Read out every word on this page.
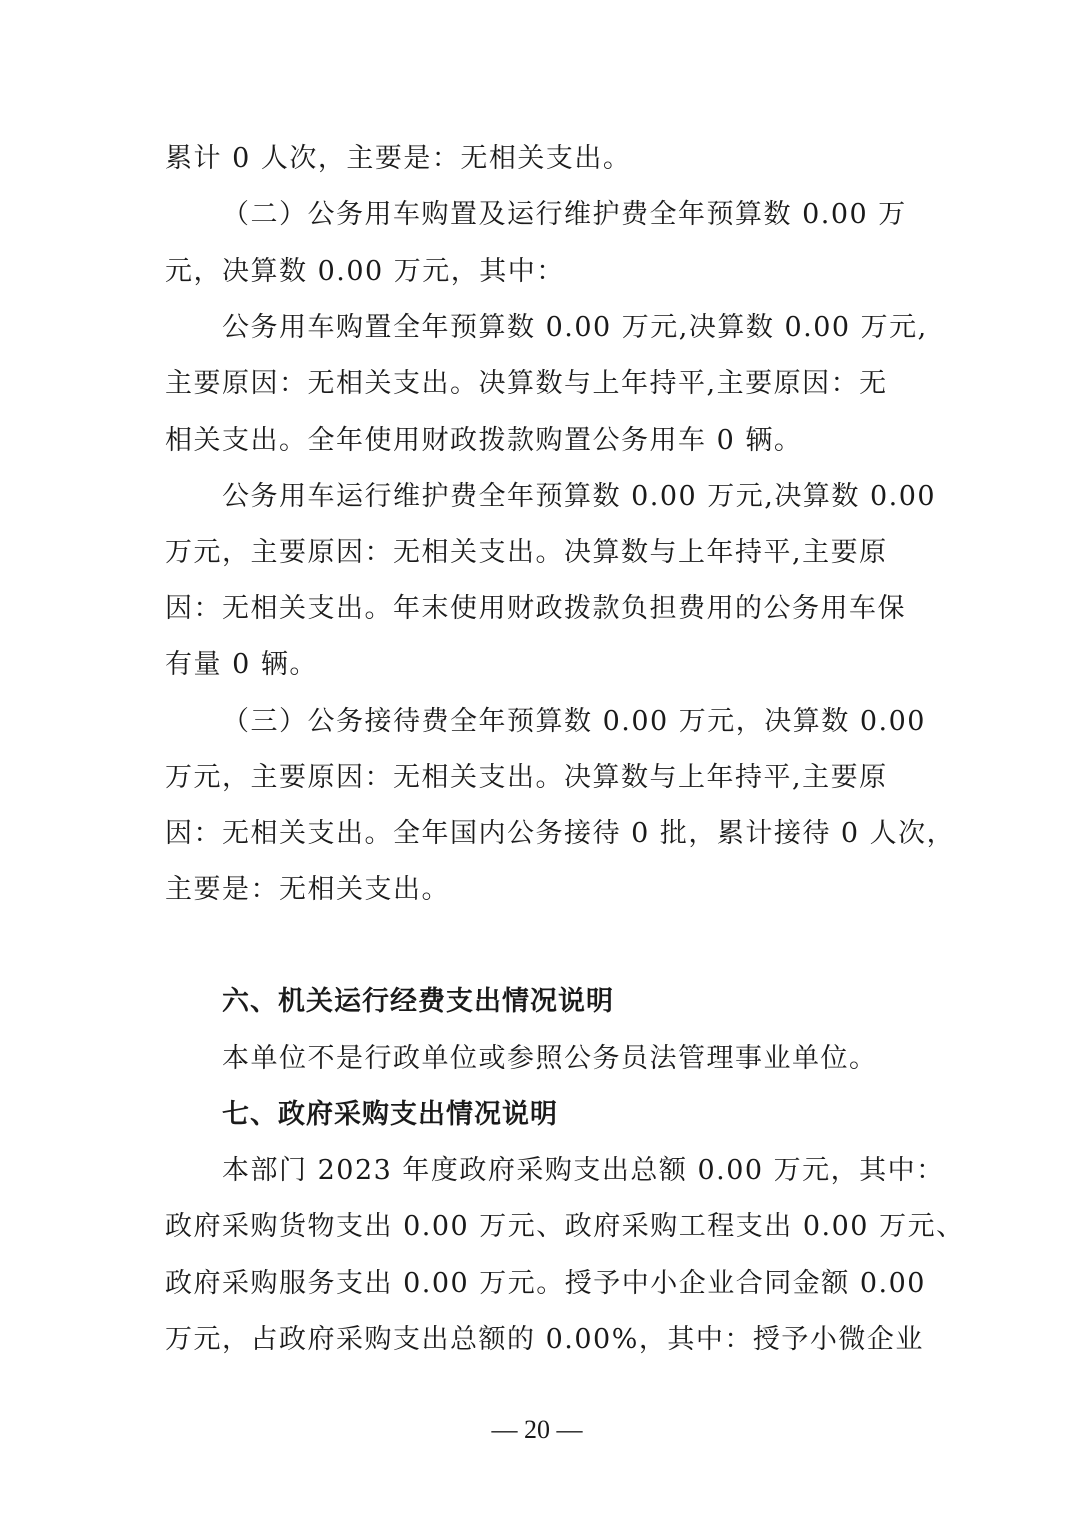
累计 0 人次，主要是：无相关支出。
（二）公务用车购置及运行维护费全年预算数 0.00 万
元，决算数 0.00 万元，其中：
公务用车购置全年预算数 0.00 万元,决算数 0.00 万元,
主要原因：无相关支出。决算数与上年持平,主要原因：无
相关支出。全年使用财政拨款购置公务用车 0 辆。
公务用车运行维护费全年预算数 0.00 万元,决算数 0.00
万元，主要原因：无相关支出。决算数与上年持平,主要原
因：无相关支出。年末使用财政拨款负担费用的公务用车保
有量 0 辆。
（三）公务接待费全年预算数 0.00 万元，决算数 0.00
万元，主要原因：无相关支出。决算数与上年持平,主要原
因：无相关支出。全年国内公务接待 0 批，累计接待 0 人次，
主要是：无相关支出。
六、机关运行经费支出情况说明
本单位不是行政单位或参照公务员法管理事业单位。
七、政府采购支出情况说明
本部门 2023 年度政府采购支出总额 0.00 万元，其中：
政府采购货物支出 0.00 万元、政府采购工程支出 0.00 万元、
政府采购服务支出 0.00 万元。授予中小企业合同金额 0.00
万元，占政府采购支出总额的 0.00%，其中：授予小微企业
— 20 —
